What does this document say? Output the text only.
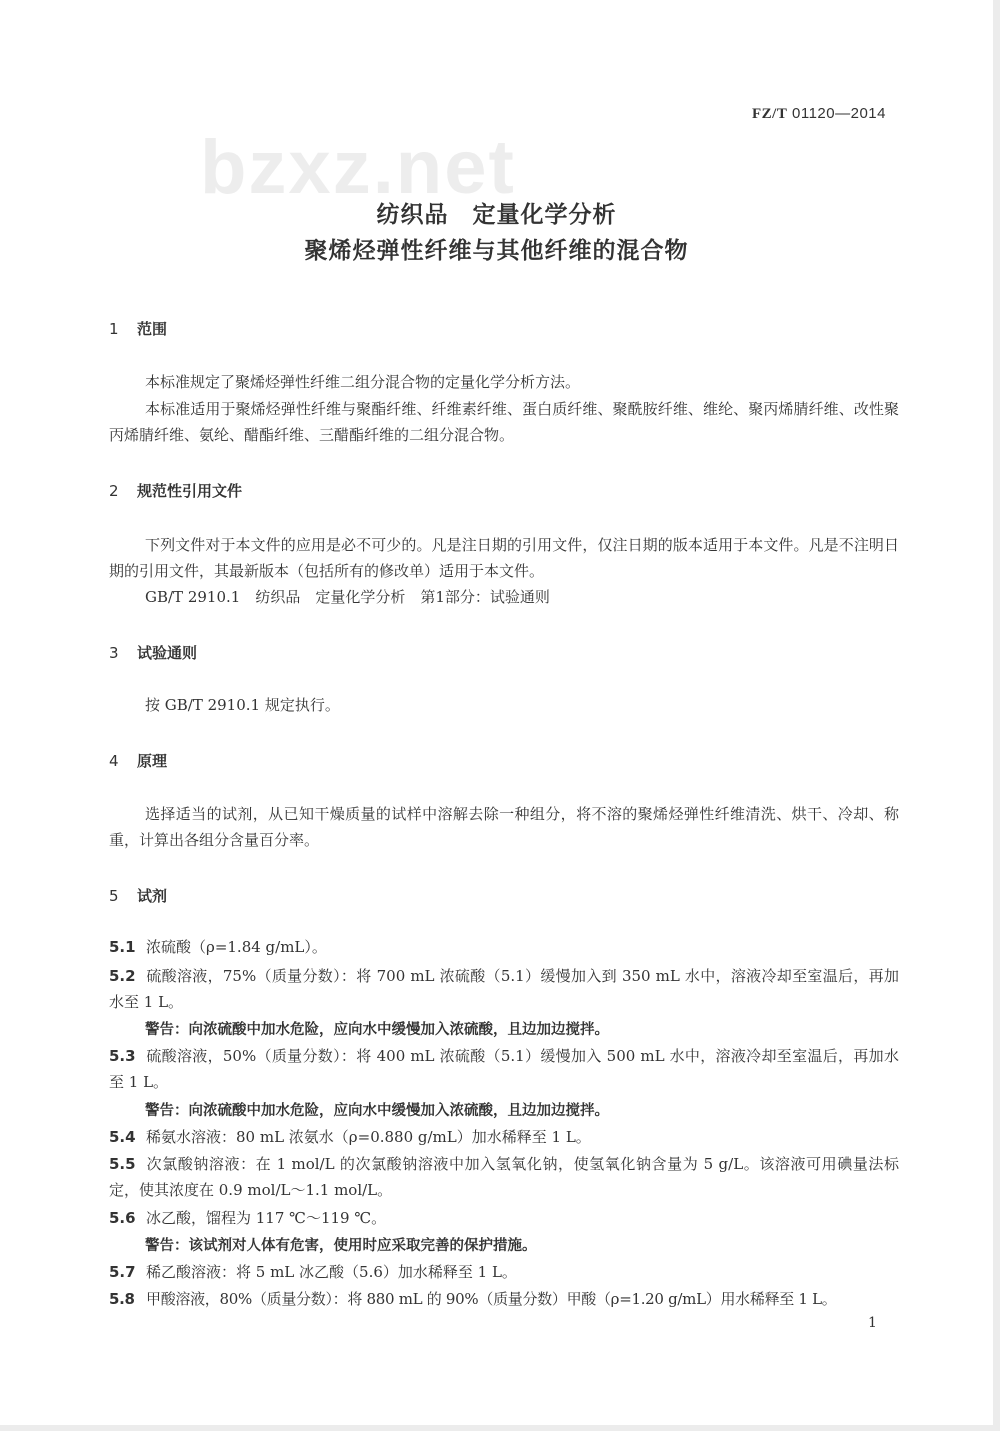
FZ/T 01120—2014
bzxz.net
纺织品　定量化学分析
聚烯烃弹性纤维与其他纤维的混合物
1 范围
本标准规定了聚烯烃弹性纤维二组分混合物的定量化学分析方法。
本标准适用于聚烯烃弹性纤维与聚酯纤维、纤维素纤维、蛋白质纤维、聚酰胺纤维、维纶、聚丙烯腈纤维、改性聚丙烯腈纤维、氨纶、醋酯纤维、三醋酯纤维的二组分混合物。
2 规范性引用文件
下列文件对于本文件的应用是必不可少的。凡是注日期的引用文件，仅注日期的版本适用于本文件。凡是不注明日期的引用文件，其最新版本（包括所有的修改单）适用于本文件。
GB/T 2910.1　纺织品　定量化学分析　第1部分：试验通则
3 试验通则
按 GB/T 2910.1 规定执行。
4 原理
选择适当的试剂，从已知干燥质量的试样中溶解去除一种组分，将不溶的聚烯烃弹性纤维清洗、烘干、冷却、称重，计算出各组分含量百分率。
5 试剂
5.1 浓硫酸（ρ=1.84 g/mL）。
5.2 硫酸溶液，75%（质量分数）：将 700 mL 浓硫酸（5.1）缓慢加入到 350 mL 水中，溶液冷却至室温后，再加水至 1 L。
警告：向浓硫酸中加水危险，应向水中缓慢加入浓硫酸，且边加边搅拌。
5.3 硫酸溶液，50%（质量分数）：将 400 mL 浓硫酸（5.1）缓慢加入 500 mL 水中，溶液冷却至室温后，再加水至 1 L。
警告：向浓硫酸中加水危险，应向水中缓慢加入浓硫酸，且边加边搅拌。
5.4 稀氨水溶液：80 mL 浓氨水（ρ=0.880 g/mL）加水稀释至 1 L。
5.5 次氯酸钠溶液：在 1 mol/L 的次氯酸钠溶液中加入氢氧化钠，使氢氧化钠含量为 5 g/L。该溶液可用碘量法标定，使其浓度在 0.9 mol/L～1.1 mol/L。
5.6 冰乙酸，馏程为 117 ℃～119 ℃。
警告：该试剂对人体有危害，使用时应采取完善的保护措施。
5.7 稀乙酸溶液：将 5 mL 冰乙酸（5.6）加水稀释至 1 L。
5.8 甲酸溶液，80%（质量分数）：将 880 mL 的 90%（质量分数）甲酸（ρ=1.20 g/mL）用水稀释至 1 L。
1
